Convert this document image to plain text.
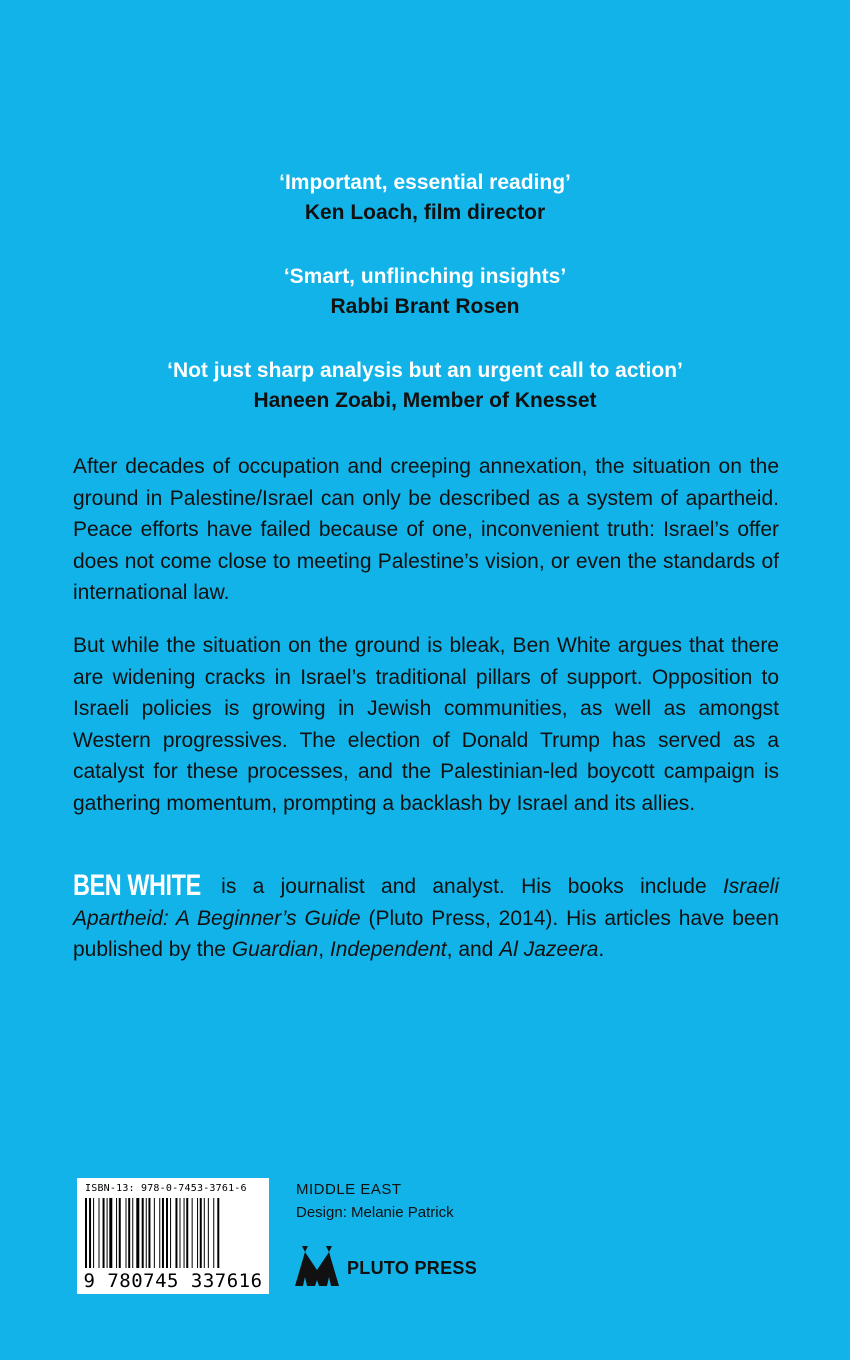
‘Important, essential reading’
Ken Loach, film director
‘Smart, unflinching insights’
Rabbi Brant Rosen
‘Not just sharp analysis but an urgent call to action’
Haneen Zoabi, Member of Knesset

After decades of occupation and creeping annexation, the situation on the ground in Palestine/Israel can only be described as a system of apartheid. Peace efforts have failed because of one, inconvenient truth: Israel’s offer does not come close to meeting Palestine’s vision, or even the standards of international law.

But while the situation on the ground is bleak, Ben White argues that there are widening cracks in Israel’s traditional pillars of support. Opposition to Israeli policies is growing in Jewish communities, as well as amongst Western progressives. The election of Donald Trump has served as a catalyst for these processes, and the Palestinian-led boycott campaign is gathering momentum, prompting a backlash by Israel and its allies.

BEN WHITE is a journalist and analyst. His books include Israeli Apartheid: A Beginner’s Guide (Pluto Press, 2014). His articles have been published by the Guardian, Independent, and Al Jazeera.

ISBN-13: 978-0-7453-3761-6
9 780745 337616
MIDDLE EAST
Design: Melanie Patrick
PLUTO PRESS
